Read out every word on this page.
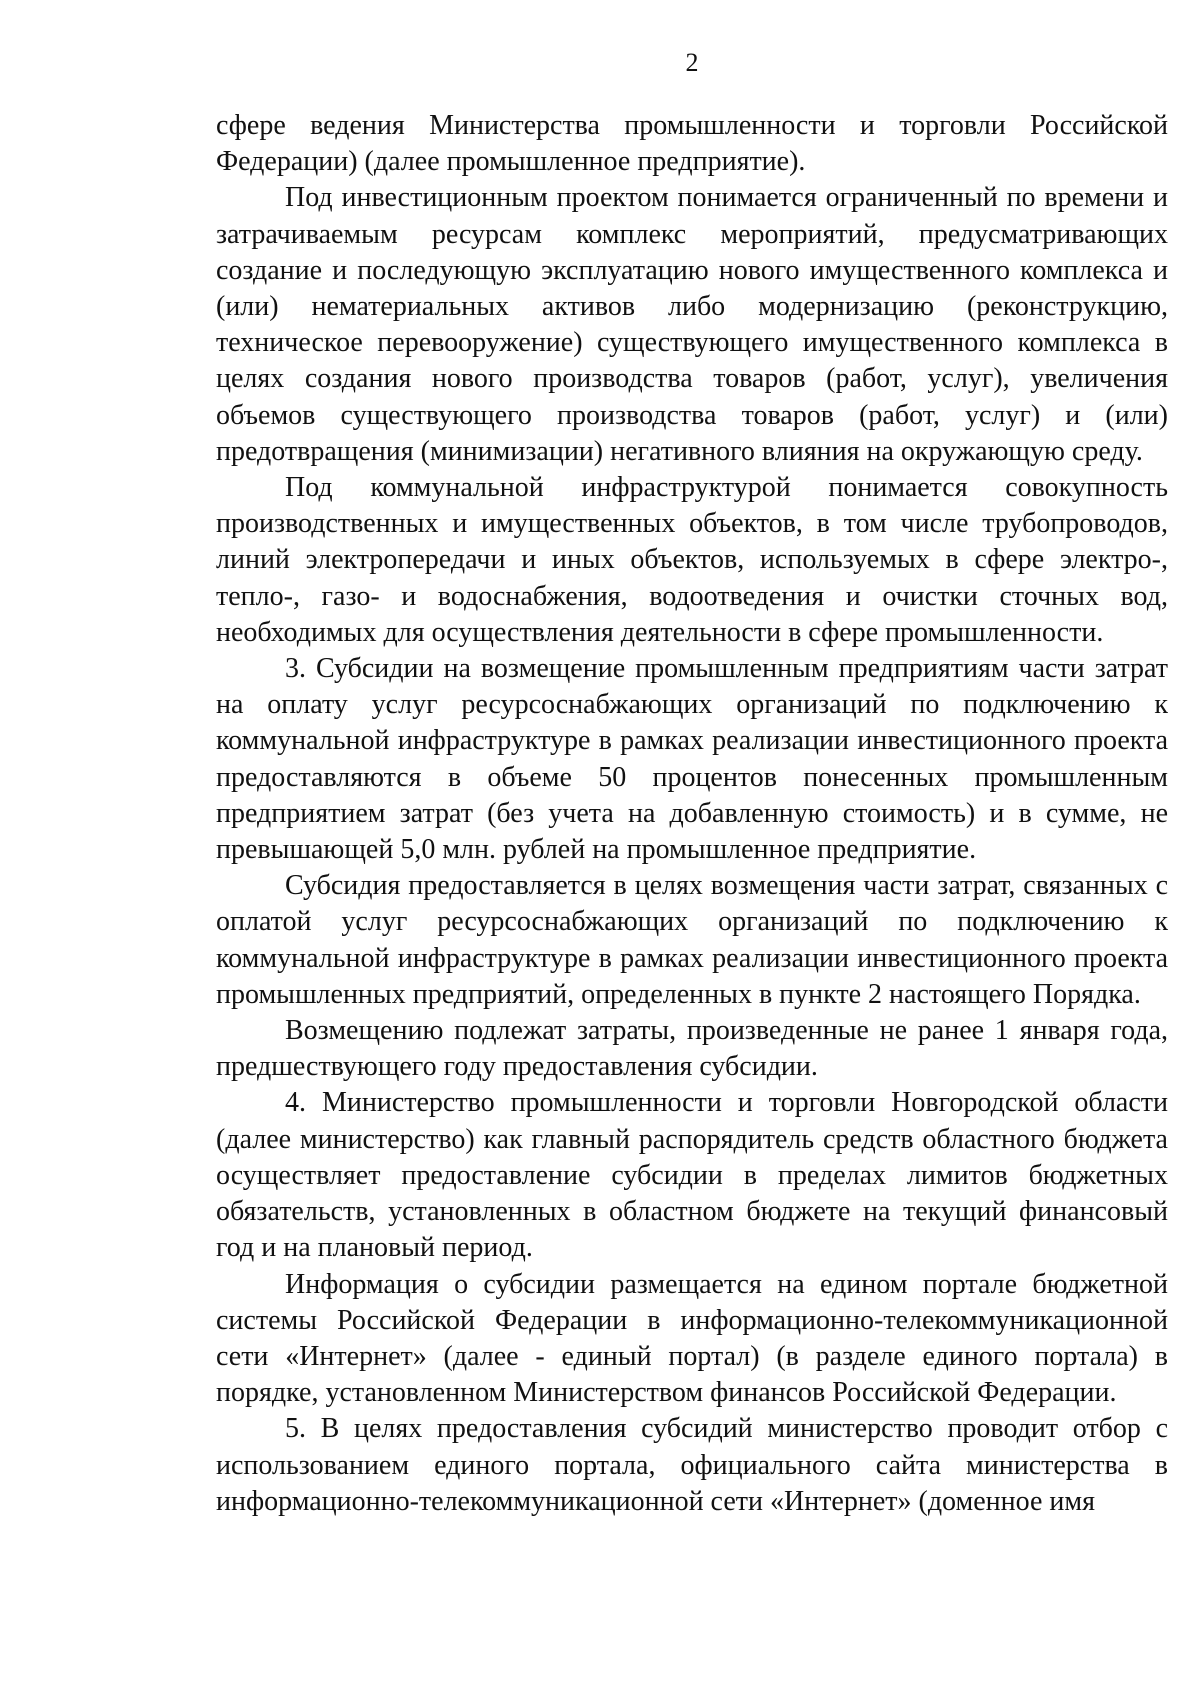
2

сфере ведения Министерства промышленности и торговли Российской Федерации) (далее промышленное предприятие).

Под инвестиционным проектом понимается ограниченный по времени и затрачиваемым ресурсам комплекс мероприятий, предусматривающих создание и последующую эксплуатацию нового имущественного комплекса и (или) нематериальных активов либо модернизацию (реконструкцию, техническое перевооружение) существующего имущественного комплекса в целях создания нового производства товаров (работ, услуг), увеличения объемов существующего производства товаров (работ, услуг) и (или) предотвращения (минимизации) негативного влияния на окружающую среду.

Под коммунальной инфраструктурой понимается совокупность производственных и имущественных объектов, в том числе трубопроводов, линий электропередачи и иных объектов, используемых в сфере электро-, тепло-, газо- и водоснабжения, водоотведения и очистки сточных вод, необходимых для осуществления деятельности в сфере промышленности.

3. Субсидии на возмещение промышленным предприятиям части затрат на оплату услуг ресурсоснабжающих организаций по подключению к коммунальной инфраструктуре в рамках реализации инвестиционного проекта предоставляются в объеме 50 процентов понесенных промышленным предприятием затрат (без учета на добавленную стоимость) и в сумме, не превышающей 5,0 млн. рублей на промышленное предприятие.

Субсидия предоставляется в целях возмещения части затрат, связанных с оплатой услуг ресурсоснабжающих организаций по подключению к коммунальной инфраструктуре в рамках реализации инвестиционного проекта промышленных предприятий, определенных в пункте 2 настоящего Порядка.

Возмещению подлежат затраты, произведенные не ранее 1 января года, предшествующего году предоставления субсидии.

4. Министерство промышленности и торговли Новгородской области (далее министерство) как главный распорядитель средств областного бюджета осуществляет предоставление субсидии в пределах лимитов бюджетных обязательств, установленных в областном бюджете на текущий финансовый год и на плановый период.

Информация о субсидии размещается на едином портале бюджетной системы Российской Федерации в информационно-телекоммуникационной сети «Интернет» (далее - единый портал) (в разделе единого портала) в порядке, установленном Министерством финансов Российской Федерации.

5. В целях предоставления субсидий министерство проводит отбор с использованием единого портала, официального сайта министерства в информационно-телекоммуникационной сети «Интернет» (доменное имя
